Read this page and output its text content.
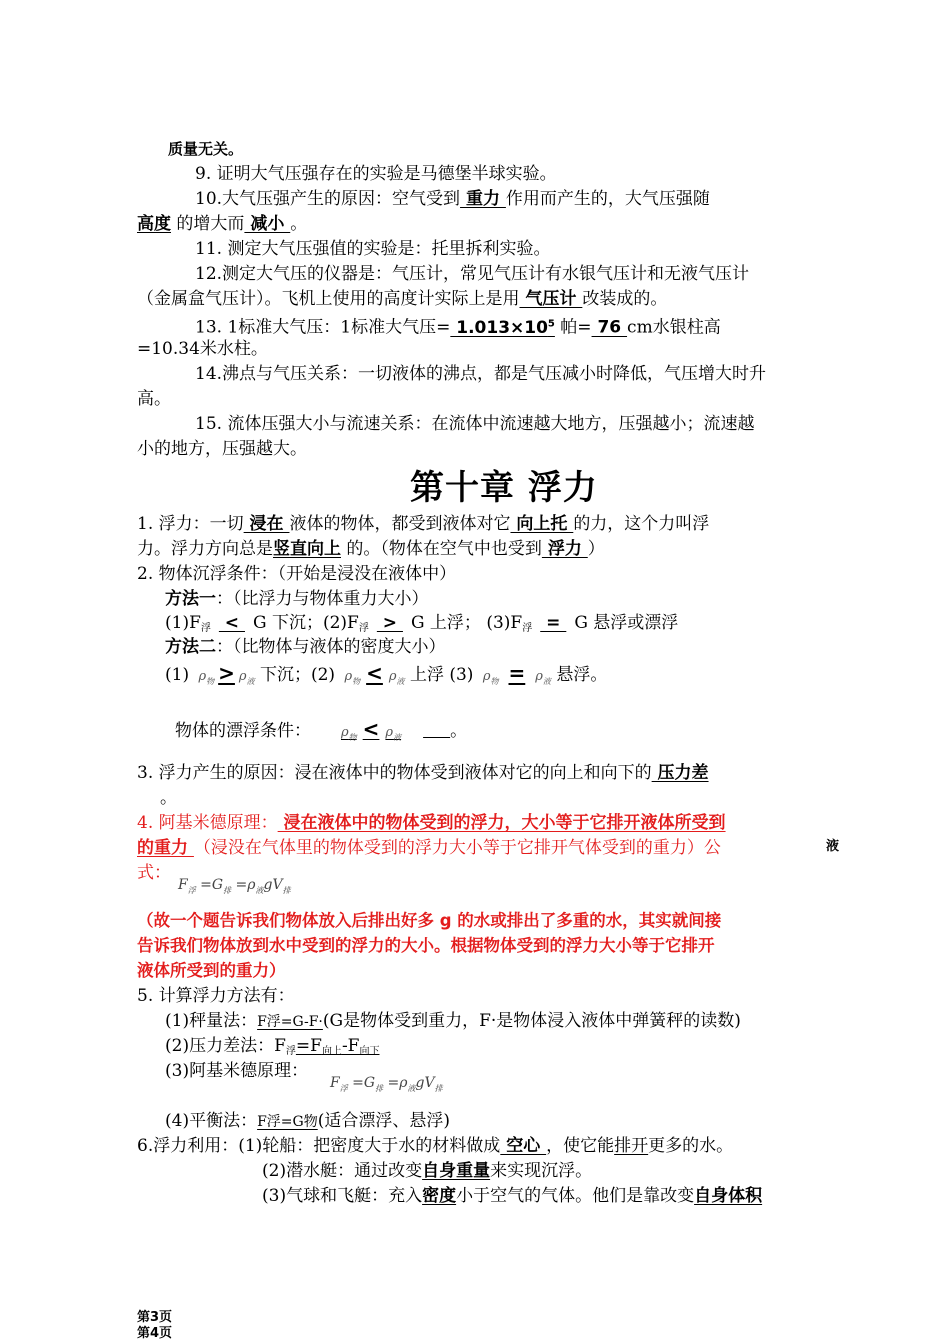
质量无关。
9. 证明大气压强存在的实验是马德堡半球实验。
10.大气压强产生的原因：空气受到 重力 作用而产生的，大气压强随
高度 的增大而 减小 。
11. 测定大气压强值的实验是：托里拆利实验。
12.测定大气压的仪器是：气压计，常见气压计有水银气压计和无液气压计
（金属盒气压计）。飞机上使用的高度计实际上是用 气压计 改装成的。
13. 1标准大气压：1标准大气压= $1.013\times 10^5$ 帕= 76 cm水银柱高
=10.34米水柱。
14.沸点与气压关系：一切液体的沸点，都是气压减小时降低，气压增大时升
高。
15. 流体压强大小与流速关系：在流体中流速越大地方，压强越小；流速越
小的地方，压强越大。
第十章 浮力
1. 浮力：一切 浸在 液体的物体，都受到液体对它 向上托 的力，这个力叫浮
力。浮力方向总是竖直向上 的。（物体在空气中也受到 浮力 ）
2. 物体沉浮条件：（开始是浸没在液体中）
方法一：（比浮力与物体重力大小）
$(1)F_浮 < G$ 下沉；$(2)F_浮 > G$ 上浮； $(3)F_浮 = G$ 悬浮或漂浮
方法二：（比物体与液体的密度大小）
(1) $\rho_物 > \rho_液$ 下沉；(2) $\rho_物 < \rho_液$ 上浮 (3) $\rho_物 = \rho_液$ 悬浮。
物体的漂浮条件： $\rho_物 < \rho_液$	。
3. 浮力产生的原因：浸在液体中的物体受到液体对它的向上和向下的 压力差
。
4. 阿基米德原理： 浸在液体中的物体受到的浮力，大小等于它排开液体所受到
液
的重力 （浸没在气体里的物体受到的浮力大小等于它排开气体受到的重力）公
式：
$F_浮 =G_排 =\rho_液gV_排$
（故一个题告诉我们物体放入后排出好多 g 的水或排出了多重的水，其实就间接
告诉我们物体放到水中受到的浮力的大小。根据物体受到的浮力大小等于它排开
液体所受到的重力）
5. 计算浮力方法有：
(1)秤量法：F浮=G-F·(G是物体受到重力，F·是物体浸入液体中弹簧秤的读数)
(2)压力差法：$F_浮=F_{向上}-F_{向下}$
(3)阿基米德原理：
$F_浮 =G_排 =\rho_液gV_排$
(4)平衡法：F浮=G物(适合漂浮、悬浮)
6.浮力利用：(1)轮船：把密度大于水的材料做成 空心 ，使它能排开更多的水。
(2)潜水艇：通过改变自身重量来实现沉浮。
(3)气球和飞艇：充入密度小于空气的气体。他们是靠改变自身体积
第3页
第4页
